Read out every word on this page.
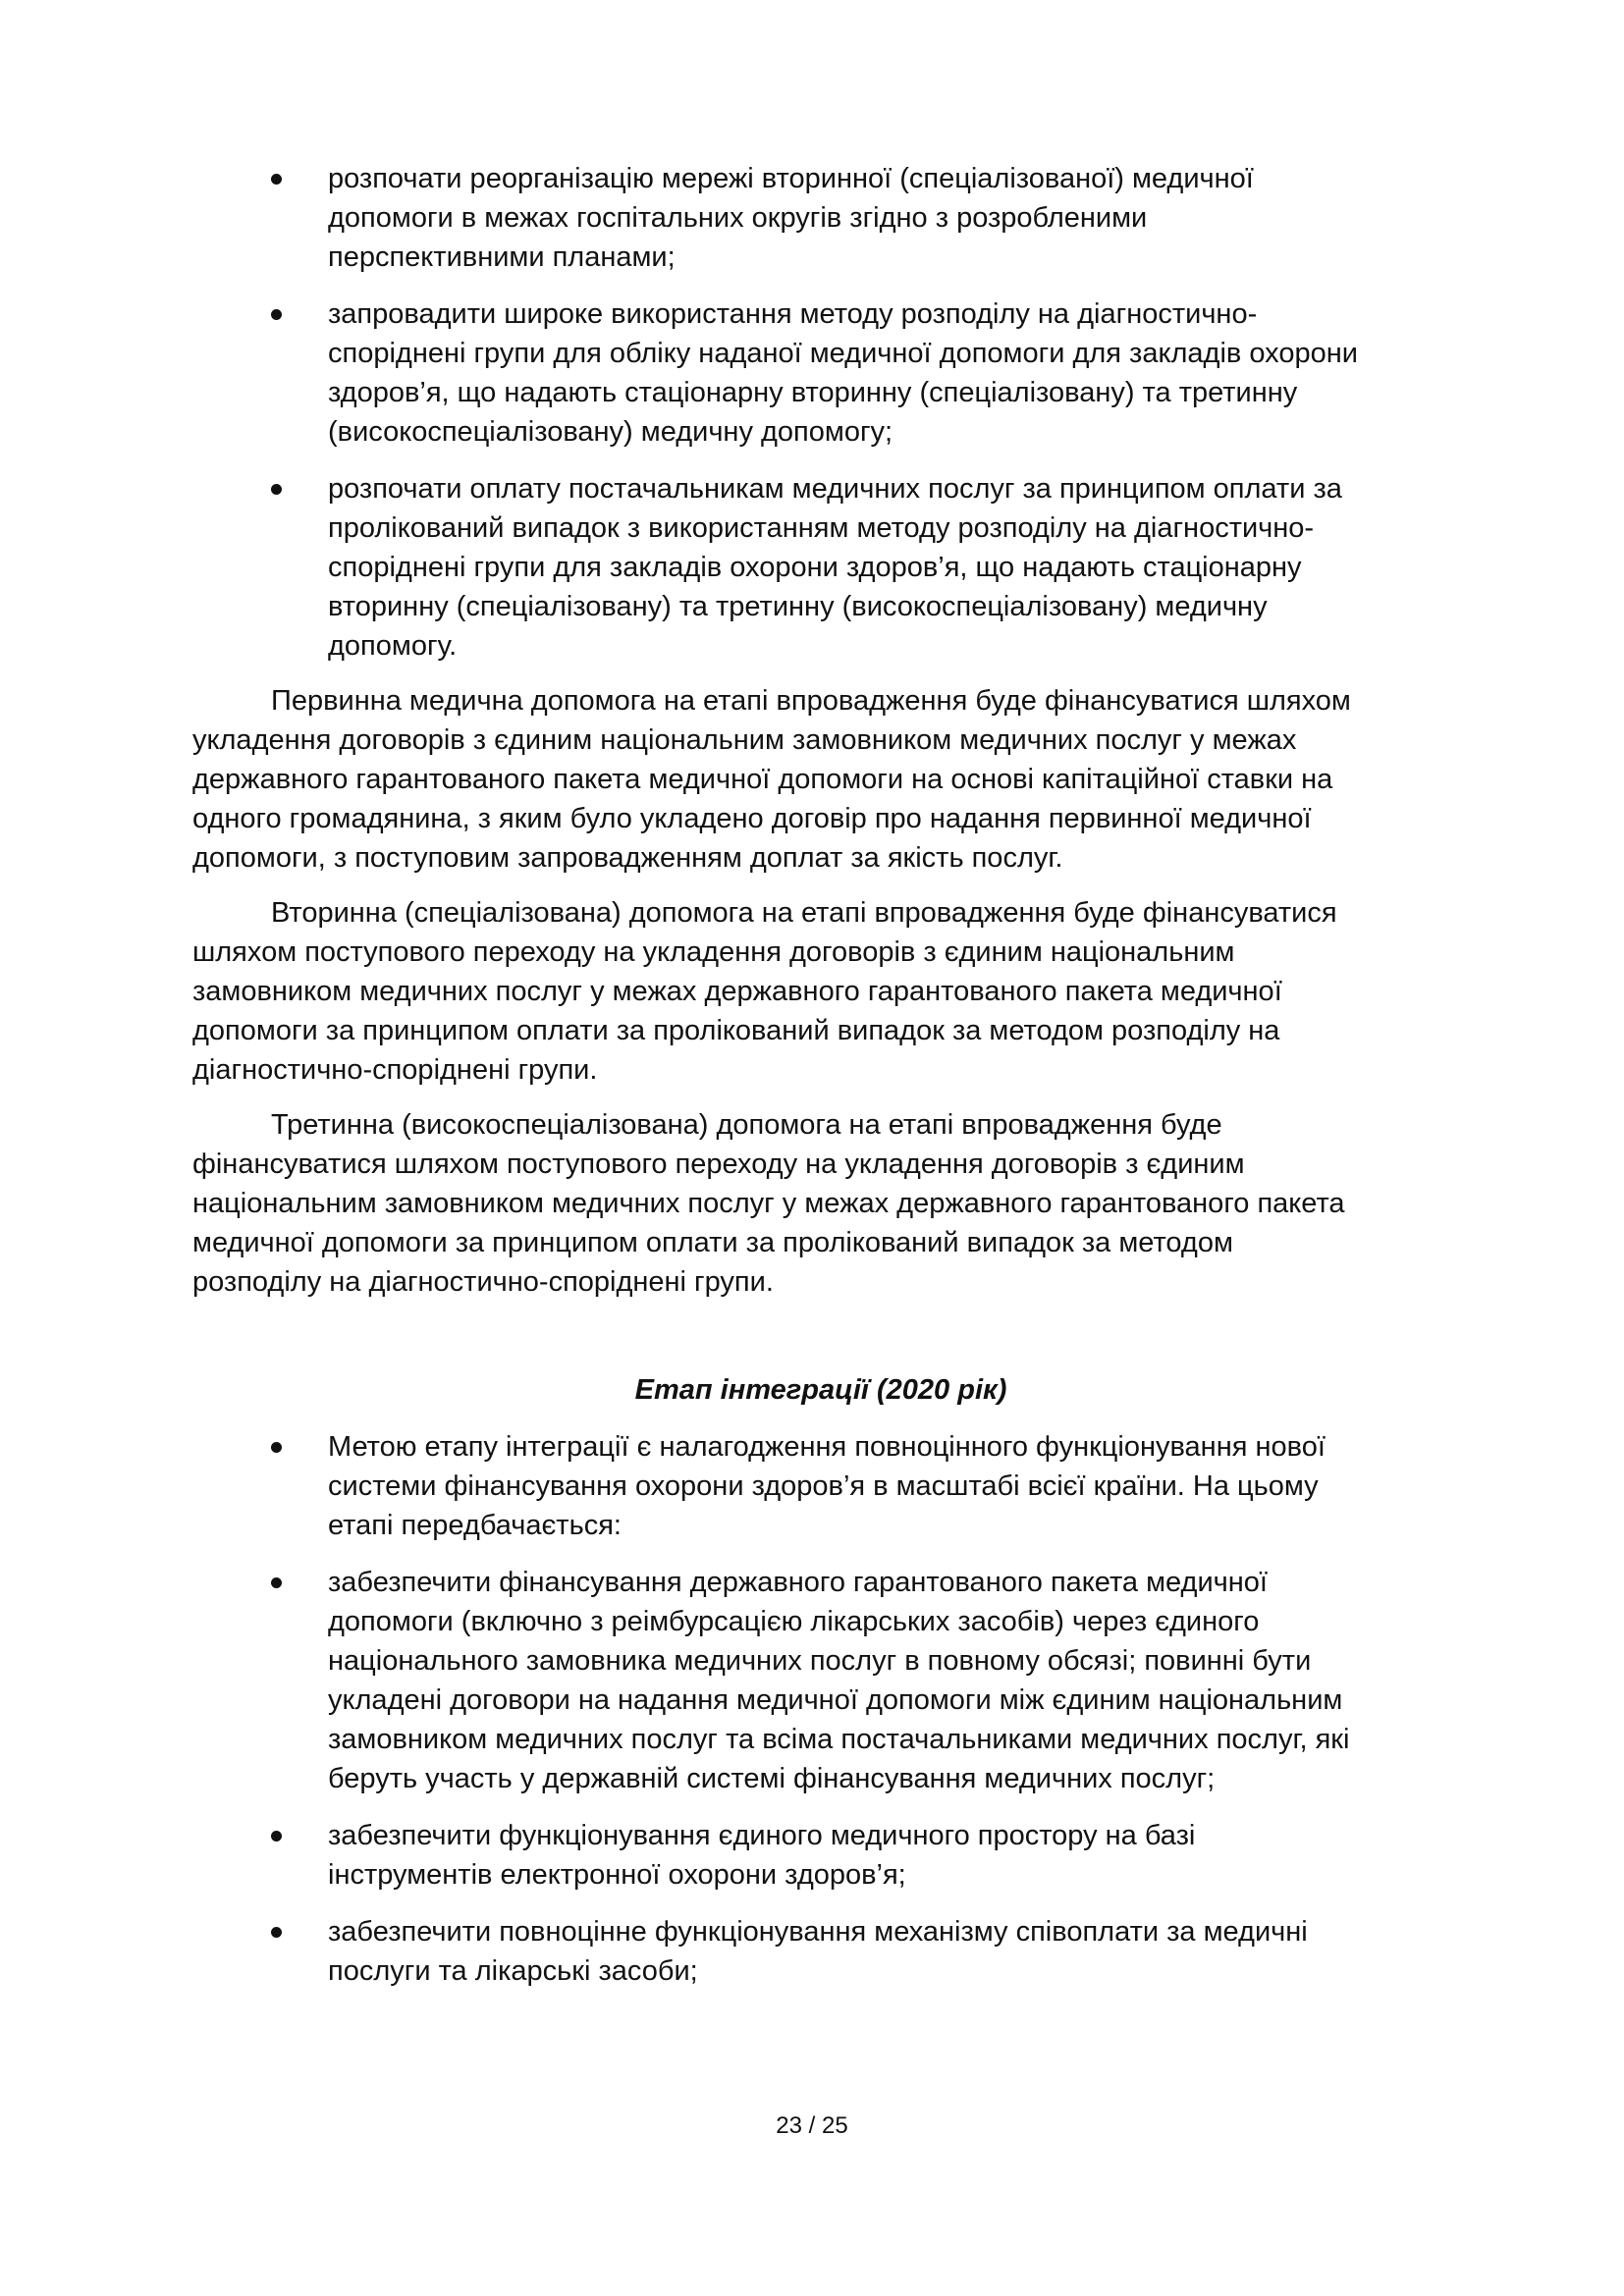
розпочати реорганізацію мережі вторинної (спеціалізованої) медичної
допомоги в межах госпітальних округів згідно з розробленими
перспективними планами;
запровадити широке використання методу розподілу на діагностично-
споріднені групи для обліку наданої медичної допомоги для закладів охорони
здоров’я, що надають стаціонарну вторинну (спеціалізовану) та третинну
(високоспеціалізовану) медичну допомогу;
розпочати оплату постачальникам медичних послуг за принципом оплати за
пролікований випадок з використанням методу розподілу на діагностично-
споріднені групи для закладів охорони здоров’я, що надають стаціонарну
вторинну (спеціалізовану) та третинну (високоспеціалізовану) медичну
допомогу.
Первинна медична допомога на етапі впровадження буде фінансуватися шляхом
укладення договорів з єдиним національним замовником медичних послуг у межах
державного гарантованого пакета медичної допомоги на основі капітаційної ставки на
одного громадянина, з яким було укладено договір про надання первинної медичної
допомоги, з поступовим запровадженням доплат за якість послуг.
Вторинна (спеціалізована) допомога на етапі впровадження буде фінансуватися
шляхом поступового переходу на укладення договорів з єдиним національним
замовником медичних послуг у межах державного гарантованого пакета медичної
допомоги за принципом оплати за пролікований випадок за методом розподілу на
діагностично-споріднені групи.
Третинна (високоспеціалізована) допомога на етапі впровадження буде
фінансуватися шляхом поступового переходу на укладення договорів з єдиним
національним замовником медичних послуг у межах державного гарантованого пакета
медичної допомоги за принципом оплати за пролікований випадок за методом
розподілу на діагностично-споріднені групи.
Етап інтеграції (2020 рік)
Метою етапу інтеграції є налагодження повноцінного функціонування нової
системи фінансування охорони здоров’я в масштабі всієї країни. На цьому
етапі передбачається:
забезпечити фінансування державного гарантованого пакета медичної
допомоги (включно з реімбурсацією лікарських засобів) через єдиного
національного замовника медичних послуг в повному обсязі; повинні бути
укладені договори на надання медичної допомоги між єдиним національним
замовником медичних послуг та всіма постачальниками медичних послуг, які
беруть участь у державній системі фінансування медичних послуг;
забезпечити функціонування єдиного медичного простору на базі
інструментів електронної охорони здоров’я;
забезпечити повноцінне функціонування механізму співоплати за медичні
послуги та лікарські засоби;
23 / 25
